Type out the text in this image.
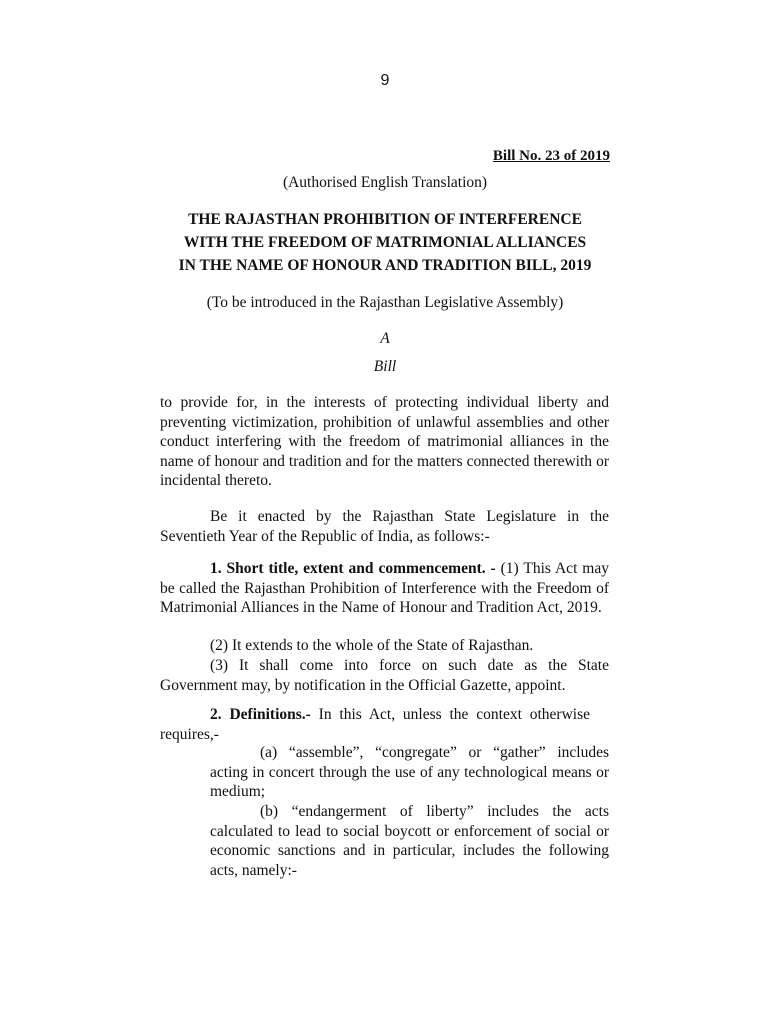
9
Bill No. 23 of 2019
(Authorised English Translation)
THE RAJASTHAN PROHIBITION OF INTERFERENCE
WITH THE FREEDOM OF MATRIMONIAL ALLIANCES
IN THE NAME OF HONOUR AND TRADITION BILL, 2019
(To be introduced in the Rajasthan Legislative Assembly)
A
Bill

to provide for, in the interests of protecting individual liberty and preventing victimization, prohibition of unlawful assemblies and other conduct interfering with the freedom of matrimonial alliances in the name of honour and tradition and for the matters connected therewith or incidental thereto.

Be it enacted by the Rajasthan State Legislature in the Seventieth Year of the Republic of India, as follows:-

1. Short title, extent and commencement. - (1) This Act may be called the Rajasthan Prohibition of Interference with the Freedom of Matrimonial Alliances in the Name of Honour and Tradition Act, 2019.

(2) It extends to the whole of the State of Rajasthan.

(3) It shall come into force on such date as the State Government may, by notification in the Official Gazette, appoint.

2. Definitions.- In this Act, unless the context otherwise requires,-

(a) “assemble”, “congregate” or “gather” includes acting in concert through the use of any technological means or medium;

(b) “endangerment of liberty” includes the acts calculated to lead to social boycott or enforcement of social or economic sanctions and in particular, includes the following acts, namely:-
